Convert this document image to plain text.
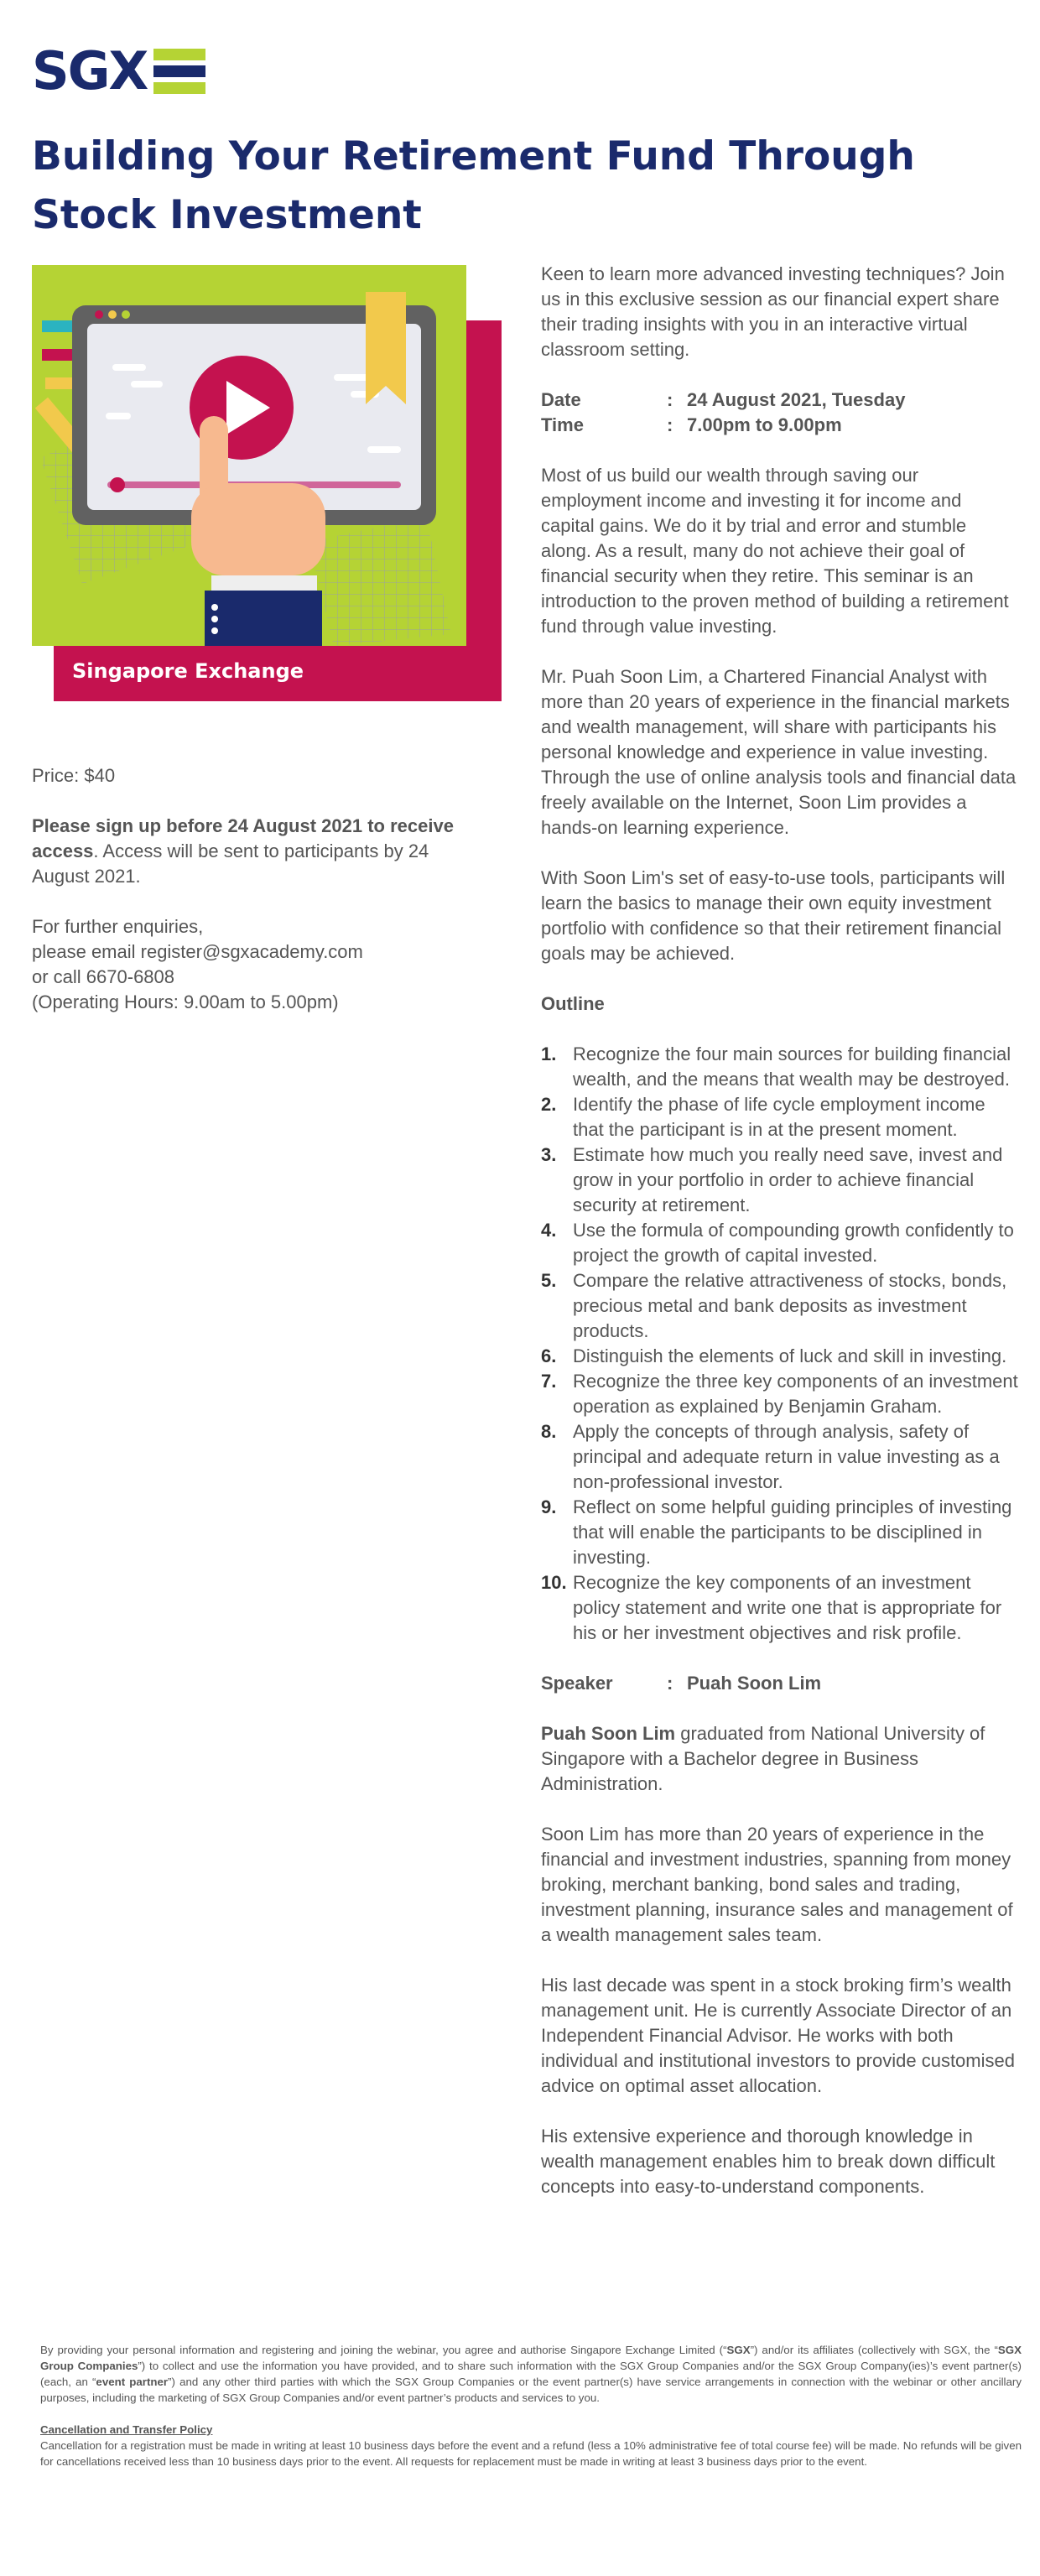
SGX
Building Your Retirement Fund Through
Stock Investment
Singapore Exchange

Price: $40

Please sign up before 24 August 2021 to receive access. Access will be sent to participants by 24 August 2021.

For further enquiries,
please email register@sgxacademy.com
or call 6670-6808
(Operating Hours: 9.00am to 5.00pm)

Keen to learn more advanced investing techniques? Join us in this exclusive session as our financial expert share their trading insights with you in an interactive virtual classroom setting.

Date	: 24 August 2021, Tuesday
Time	: 7.00pm to 9.00pm

Most of us build our wealth through saving our employment income and investing it for income and capital gains. We do it by trial and error and stumble along. As a result, many do not achieve their goal of financial security when they retire. This seminar is an introduction to the proven method of building a retirement fund through value investing.

Mr. Puah Soon Lim, a Chartered Financial Analyst with more than 20 years of experience in the financial markets and wealth management, will share with participants his personal knowledge and experience in value investing. Through the use of online analysis tools and financial data freely available on the Internet, Soon Lim provides a hands-on learning experience.

With Soon Lim's set of easy-to-use tools, participants will learn the basics to manage their own equity investment portfolio with confidence so that their retirement financial goals may be achieved.

Outline

1. Recognize the four main sources for building financial wealth, and the means that wealth may be destroyed.
2. Identify the phase of life cycle employment income that the participant is in at the present moment.
3. Estimate how much you really need save, invest and grow in your portfolio in order to achieve financial security at retirement.
4. Use the formula of compounding growth confidently to project the growth of capital invested.
5. Compare the relative attractiveness of stocks, bonds, precious metal and bank deposits as investment products.
6. Distinguish the elements of luck and skill in investing.
7. Recognize the three key components of an investment operation as explained by Benjamin Graham.
8. Apply the concepts of through analysis, safety of principal and adequate return in value investing as a non-professional investor.
9. Reflect on some helpful guiding principles of investing that will enable the participants to be disciplined in investing.
10. Recognize the key components of an investment policy statement and write one that is appropriate for his or her investment objectives and risk profile.
Speaker	: Puah Soon Lim

Puah Soon Lim graduated from National University of Singapore with a Bachelor degree in Business Administration.

Soon Lim has more than 20 years of experience in the financial and investment industries, spanning from money broking, merchant banking, bond sales and trading, investment planning, insurance sales and management of a wealth management sales team.

His last decade was spent in a stock broking firm’s wealth management unit. He is currently Associate Director of an Independent Financial Advisor. He works with both individual and institutional investors to provide customised advice on optimal asset allocation.

His extensive experience and thorough knowledge in wealth management enables him to break down difficult concepts into easy-to-understand components.

By providing your personal information and registering and joining the webinar, you agree and authorise Singapore Exchange Limited (“SGX”) and/or its affiliates (collectively with SGX, the “SGX Group Companies”) to collect and use the information you have provided, and to share such information with the SGX Group Companies and/or the SGX Group Company(ies)’s event partner(s) (each, an “event partner”) and any other third parties with which the SGX Group Companies or the event partner(s) have service arrangements in connection with the webinar or other ancillary purposes, including the marketing of SGX Group Companies and/or event partner’s products and services to you.

Cancellation and Transfer Policy

Cancellation for a registration must be made in writing at least 10 business days before the event and a refund (less a 10% administrative fee of total course fee) will be made. No refunds will be given for cancellations received less than 10 business days prior to the event. All requests for replacement must be made in writing at least 3 business days prior to the event.
